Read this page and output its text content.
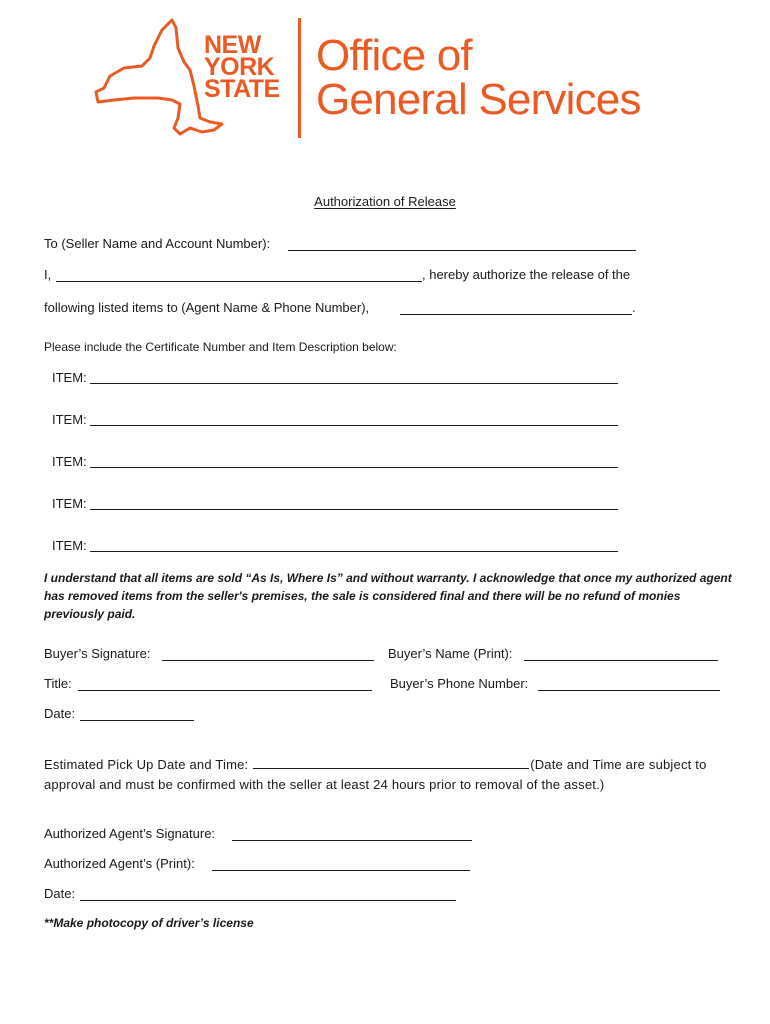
NEW
YORK
STATE
Office of
General Services
Authorization of Release
To (Seller Name and Account Number):
I,	, hereby authorize the release of the
following listed items to (Agent Name & Phone Number),	.
Please include the Certificate Number and Item Description below:
ITEM:
ITEM:
ITEM:
ITEM:
ITEM:
I understand that all items are sold “As Is, Where Is” and without warranty. I acknowledge that once my authorized agent has removed items from the seller's premises, the sale is considered final and there will be no refund of monies previously paid.
Buyer’s Signature:	Buyer’s Name (Print):
Title:	Buyer’s Phone Number:
Date:
Estimated Pick Up Date and Time:	(Date and Time are subject to approval and must be confirmed with the seller at least 24 hours prior to removal of the asset.)
Authorized Agent’s Signature:
Authorized Agent’s (Print):
Date:
**Make photocopy of driver’s license
